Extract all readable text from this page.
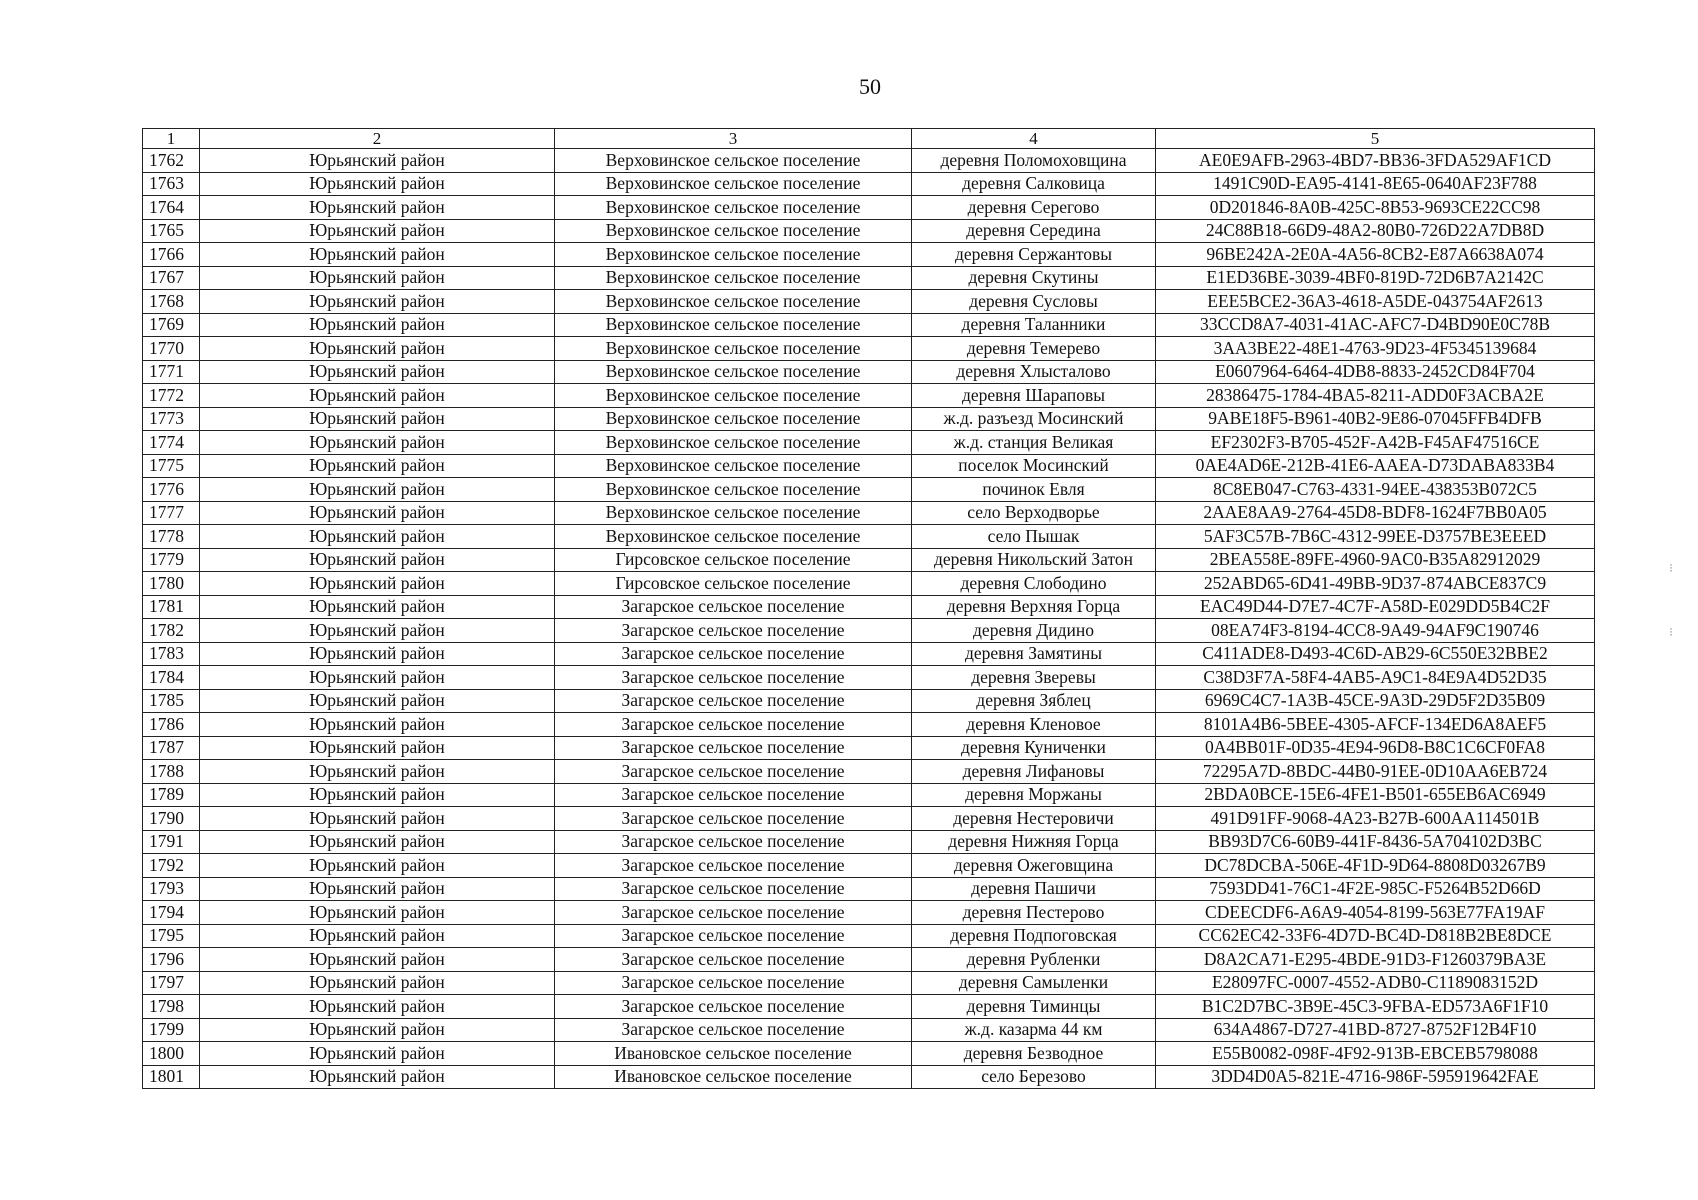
50
1	2	3	4	5
1762	Юрьянский район	Верховинское сельское поселение	деревня Поломоховщина	AE0E9AFB-2963-4BD7-BB36-3FDA529AF1CD
1763	Юрьянский район	Верховинское сельское поселение	деревня Салковица	1491C90D-EA95-4141-8E65-0640AF23F788
1764	Юрьянский район	Верховинское сельское поселение	деревня Серегово	0D201846-8A0B-425C-8B53-9693CE22CC98
1765	Юрьянский район	Верховинское сельское поселение	деревня Середина	24C88B18-66D9-48A2-80B0-726D22A7DB8D
1766	Юрьянский район	Верховинское сельское поселение	деревня Сержантовы	96BE242A-2E0A-4A56-8CB2-E87A6638A074
1767	Юрьянский район	Верховинское сельское поселение	деревня Скутины	E1ED36BE-3039-4BF0-819D-72D6B7A2142C
1768	Юрьянский район	Верховинское сельское поселение	деревня Сусловы	EEE5BCE2-36A3-4618-A5DE-043754AF2613
1769	Юрьянский район	Верховинское сельское поселение	деревня Таланники	33CCD8A7-4031-41AC-AFC7-D4BD90E0C78B
1770	Юрьянский район	Верховинское сельское поселение	деревня Темерево	3AA3BE22-48E1-4763-9D23-4F5345139684
1771	Юрьянский район	Верховинское сельское поселение	деревня Хлысталово	E0607964-6464-4DB8-8833-2452CD84F704
1772	Юрьянский район	Верховинское сельское поселение	деревня Шараповы	28386475-1784-4BA5-8211-ADD0F3ACBA2E
1773	Юрьянский район	Верховинское сельское поселение	ж.д. разъезд Мосинский	9ABE18F5-B961-40B2-9E86-07045FFB4DFB
1774	Юрьянский район	Верховинское сельское поселение	ж.д. станция Великая	EF2302F3-B705-452F-A42B-F45AF47516CE
1775	Юрьянский район	Верховинское сельское поселение	поселок Мосинский	0AE4AD6E-212B-41E6-AAEA-D73DABA833B4
1776	Юрьянский район	Верховинское сельское поселение	починок Евля	8C8EB047-C763-4331-94EE-438353B072C5
1777	Юрьянский район	Верховинское сельское поселение	село Верходворье	2AAE8AA9-2764-45D8-BDF8-1624F7BB0A05
1778	Юрьянский район	Верховинское сельское поселение	село Пышак	5AF3C57B-7B6C-4312-99EE-D3757BE3EEED
1779	Юрьянский район	Гирсовское сельское поселение	деревня Никольский Затон	2BEA558E-89FE-4960-9AC0-B35A82912029
1780	Юрьянский район	Гирсовское сельское поселение	деревня Слободино	252ABD65-6D41-49BB-9D37-874ABCE837C9
1781	Юрьянский район	Загарское сельское поселение	деревня Верхняя Горца	EAC49D44-D7E7-4C7F-A58D-E029DD5B4C2F
1782	Юрьянский район	Загарское сельское поселение	деревня Дидино	08EA74F3-8194-4CC8-9A49-94AF9C190746
1783	Юрьянский район	Загарское сельское поселение	деревня Замятины	C411ADE8-D493-4C6D-AB29-6C550E32BBE2
1784	Юрьянский район	Загарское сельское поселение	деревня Зверевы	C38D3F7A-58F4-4AB5-A9C1-84E9A4D52D35
1785	Юрьянский район	Загарское сельское поселение	деревня Зяблец	6969C4C7-1A3B-45CE-9A3D-29D5F2D35B09
1786	Юрьянский район	Загарское сельское поселение	деревня Кленовое	8101A4B6-5BEE-4305-AFCF-134ED6A8AEF5
1787	Юрьянский район	Загарское сельское поселение	деревня Куниченки	0A4BB01F-0D35-4E94-96D8-B8C1C6CF0FA8
1788	Юрьянский район	Загарское сельское поселение	деревня Лифановы	72295A7D-8BDC-44B0-91EE-0D10AA6EB724
1789	Юрьянский район	Загарское сельское поселение	деревня Моржаны	2BDA0BCE-15E6-4FE1-B501-655EB6AC6949
1790	Юрьянский район	Загарское сельское поселение	деревня Нестеровичи	491D91FF-9068-4A23-B27B-600AA114501B
1791	Юрьянский район	Загарское сельское поселение	деревня Нижняя Горца	BB93D7C6-60B9-441F-8436-5A704102D3BC
1792	Юрьянский район	Загарское сельское поселение	деревня Ожеговщина	DC78DCBA-506E-4F1D-9D64-8808D03267B9
1793	Юрьянский район	Загарское сельское поселение	деревня Пашичи	7593DD41-76C1-4F2E-985C-F5264B52D66D
1794	Юрьянский район	Загарское сельское поселение	деревня Пестерово	CDEECDF6-A6A9-4054-8199-563E77FA19AF
1795	Юрьянский район	Загарское сельское поселение	деревня Подпоговская	CC62EC42-33F6-4D7D-BC4D-D818B2BE8DCE
1796	Юрьянский район	Загарское сельское поселение	деревня Рубленки	D8A2CA71-E295-4BDE-91D3-F1260379BA3E
1797	Юрьянский район	Загарское сельское поселение	деревня Самыленки	E28097FC-0007-4552-ADB0-C1189083152D
1798	Юрьянский район	Загарское сельское поселение	деревня Тиминцы	B1C2D7BC-3B9E-45C3-9FBA-ED573A6F1F10
1799	Юрьянский район	Загарское сельское поселение	ж.д. казарма 44 км	634A4867-D727-41BD-8727-8752F12B4F10
1800	Юрьянский район	Ивановское сельское поселение	деревня Безводное	E55B0082-098F-4F92-913B-EBCEB5798088
1801	Юрьянский район	Ивановское сельское поселение	село Березово	3DD4D0A5-821E-4716-986F-595919642FAE
⁝
⁝
